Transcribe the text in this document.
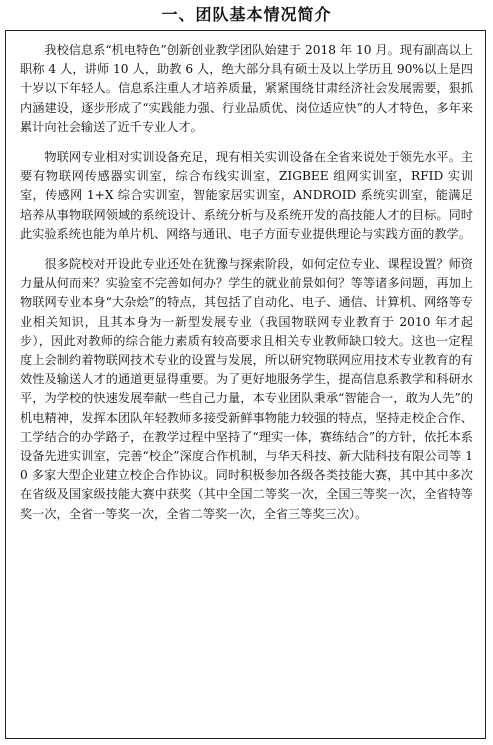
一、团队基本情况简介

我校信息系“机电特色”创新创业教学团队始建于 2018 年 10 月。现有副高以上职称 4 人，讲师 10 人，助教 6 人，绝大部分具有硕士及以上学历且 90%以上是四十岁以下年轻人。信息系注重人才培养质量，紧紧围绕甘肃经济社会发展需要，狠抓内涵建设，逐步形成了“实践能力强、行业品质优、岗位适应快”的人才特色，多年来累计向社会输送了近千专业人才。

物联网专业相对实训设备充足，现有相关实训设备在全省来说处于领先水平。主要有物联网传感器实训室，综合布线实训室，ZIGBEE 组网实训室，RFID 实训室，传感网 1+X 综合实训室，智能家居实训室，ANDROID 系统实训室，能满足培养从事物联网领域的系统设计、系统分析与及系统开发的高技能人才的目标。同时此实验系统也能为单片机、网络与通讯、电子方面专业提供理论与实践方面的教学。

很多院校对开设此专业还处在犹豫与探索阶段，如何定位专业、课程设置？师资力量从何而来？实验室不完善如何办？学生的就业前景如何？等等诸多问题，再加上物联网专业本身“大杂烩”的特点，其包括了自动化、电子、通信、计算机、网络等专业相关知识，且其本身为一新型发展专业（我国物联网专业教育于 2010 年才起步），因此对教师的综合能力素质有较高要求且相关专业教师缺口较大。这也一定程度上会制约着物联网技术专业的设置与发展，所以研究物联网应用技术专业教育的有效性及输送人才的通道更显得重要。为了更好地服务学生，提高信息系教学和科研水平，为学校的快速发展奉献一些自己力量，本专业团队秉承“智能合一，敢为人先”的机电精神，发挥本团队年轻教师多接受新鲜事物能力较强的特点，坚持走校企合作、工学结合的办学路子，在教学过程中坚持了“理实一体，赛练结合”的方针，依托本系设备先进实训室，完善“校企”深度合作机制，与华天科技、新大陆科技有限公司等 10 多家大型企业建立校企合作协议。同时积极参加各级各类技能大赛，其中其中多次在省级及国家级技能大赛中获奖（其中全国二等奖一次，全国三等奖一次，全省特等奖一次，全省一等奖一次，全省二等奖一次，全省三等奖三次）。
